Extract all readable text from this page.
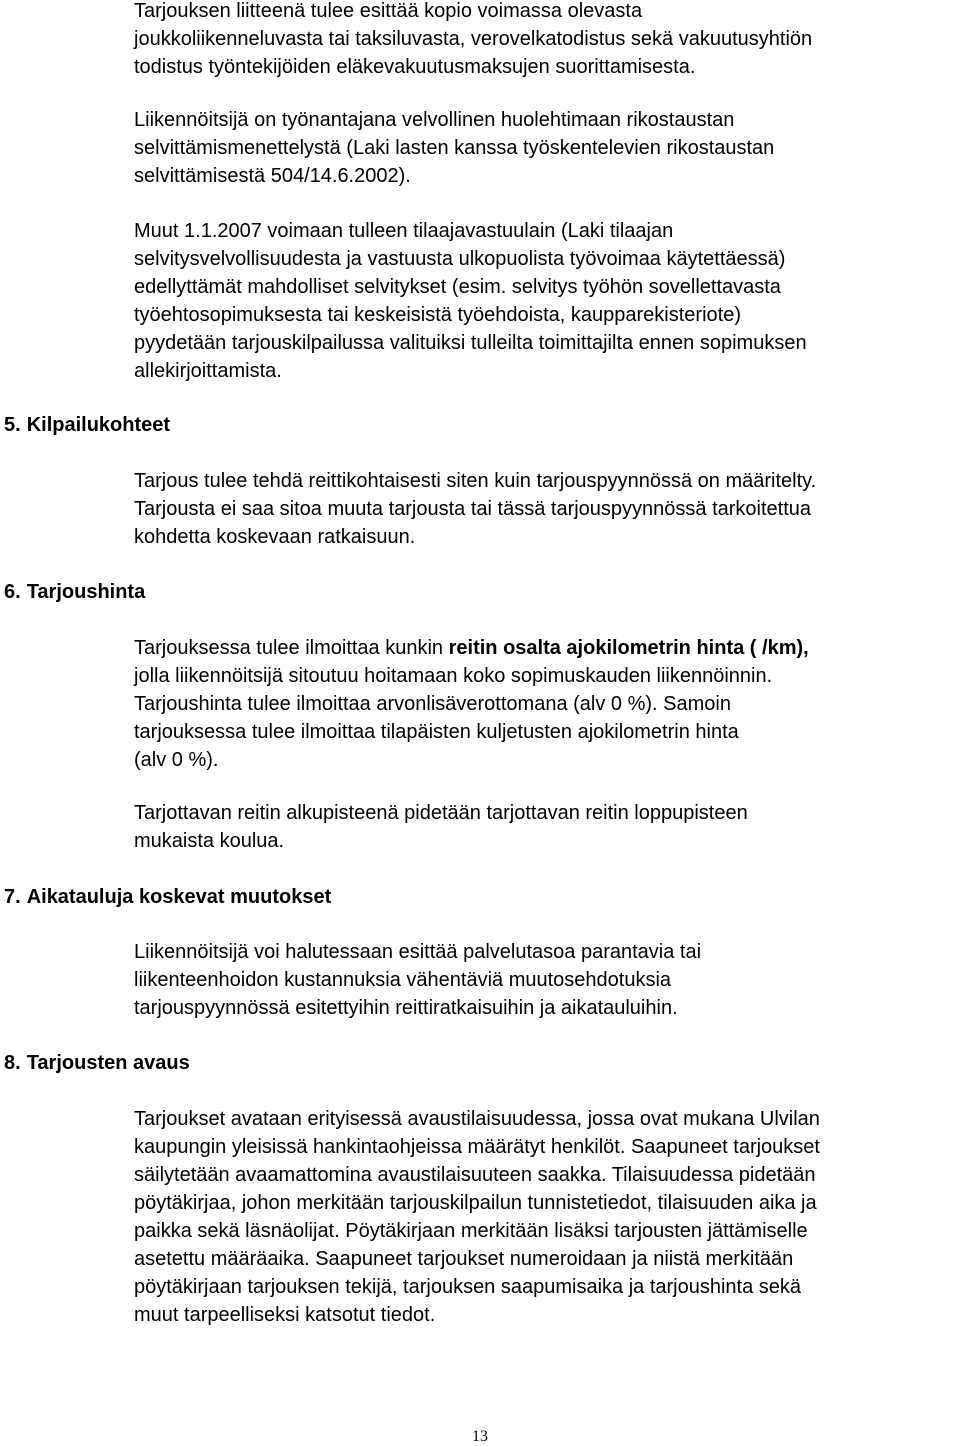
Tarjouksen liitteenä tulee esittää kopio voimassa olevasta
joukkoliikenneluvasta tai taksiluvasta, verovelkatodistus sekä vakuutusyhtiön
todistus työntekijöiden eläkevakuutusmaksujen suorittamisesta.

Liikennöitsijä on työnantajana velvollinen huolehtimaan rikostaustan
selvittämismenettelystä (Laki lasten kanssa työskentelevien rikostaustan
selvittämisestä 504/14.6.2002).

Muut 1.1.2007 voimaan tulleen tilaajavastuulain (Laki tilaajan
selvitysvelvollisuudesta ja vastuusta ulkopuolista työvoimaa käytettäessä)
edellyttämät mahdolliset selvitykset (esim. selvitys työhön sovellettavasta
työehtosopimuksesta tai keskeisistä työehdoista, kaupparekisteriote)
pyydetään tarjouskilpailussa valituiksi tulleilta toimittajilta ennen sopimuksen
allekirjoittamista.

5. Kilpailukohteet

Tarjous tulee tehdä reittikohtaisesti siten kuin tarjouspyynnössä on määritelty.
Tarjousta ei saa sitoa muuta tarjousta tai tässä tarjouspyynnössä tarkoitettua
kohdetta koskevaan ratkaisuun.

6. Tarjoushinta

Tarjouksessa tulee ilmoittaa kunkin reitin osalta ajokilometrin hinta ( /km),
jolla liikennöitsijä sitoutuu hoitamaan koko sopimuskauden liikennöinnin.
Tarjoushinta tulee ilmoittaa arvonlisäverottomana (alv 0 %). Samoin
tarjouksessa tulee ilmoittaa tilapäisten kuljetusten ajokilometrin hinta
(alv 0 %).

Tarjottavan reitin alkupisteenä pidetään tarjottavan reitin loppupisteen
mukaista koulua.

7. Aikatauluja koskevat muutokset

Liikennöitsijä voi halutessaan esittää palvelutasoa parantavia tai
liikenteenhoidon kustannuksia vähentäviä muutosehdotuksia
tarjouspyynnössä esitettyihin reittiratkaisuihin ja aikatauluihin.

8. Tarjousten avaus

Tarjoukset avataan erityisessä avaustilaisuudessa, jossa ovat mukana Ulvilan
kaupungin yleisissä hankintaohjeissa määrätyt henkilöt. Saapuneet tarjoukset
säilytetään avaamattomina avaustilaisuuteen saakka. Tilaisuudessa pidetään
pöytäkirjaa, johon merkitään tarjouskilpailun tunnistetiedot, tilaisuuden aika ja
paikka sekä läsnäolijat. Pöytäkirjaan merkitään lisäksi tarjousten jättämiselle
asetettu määräaika. Saapuneet tarjoukset numeroidaan ja niistä merkitään
pöytäkirjaan tarjouksen tekijä, tarjouksen saapumisaika ja tarjoushinta sekä
muut tarpeelliseksi katsotut tiedot.

13
